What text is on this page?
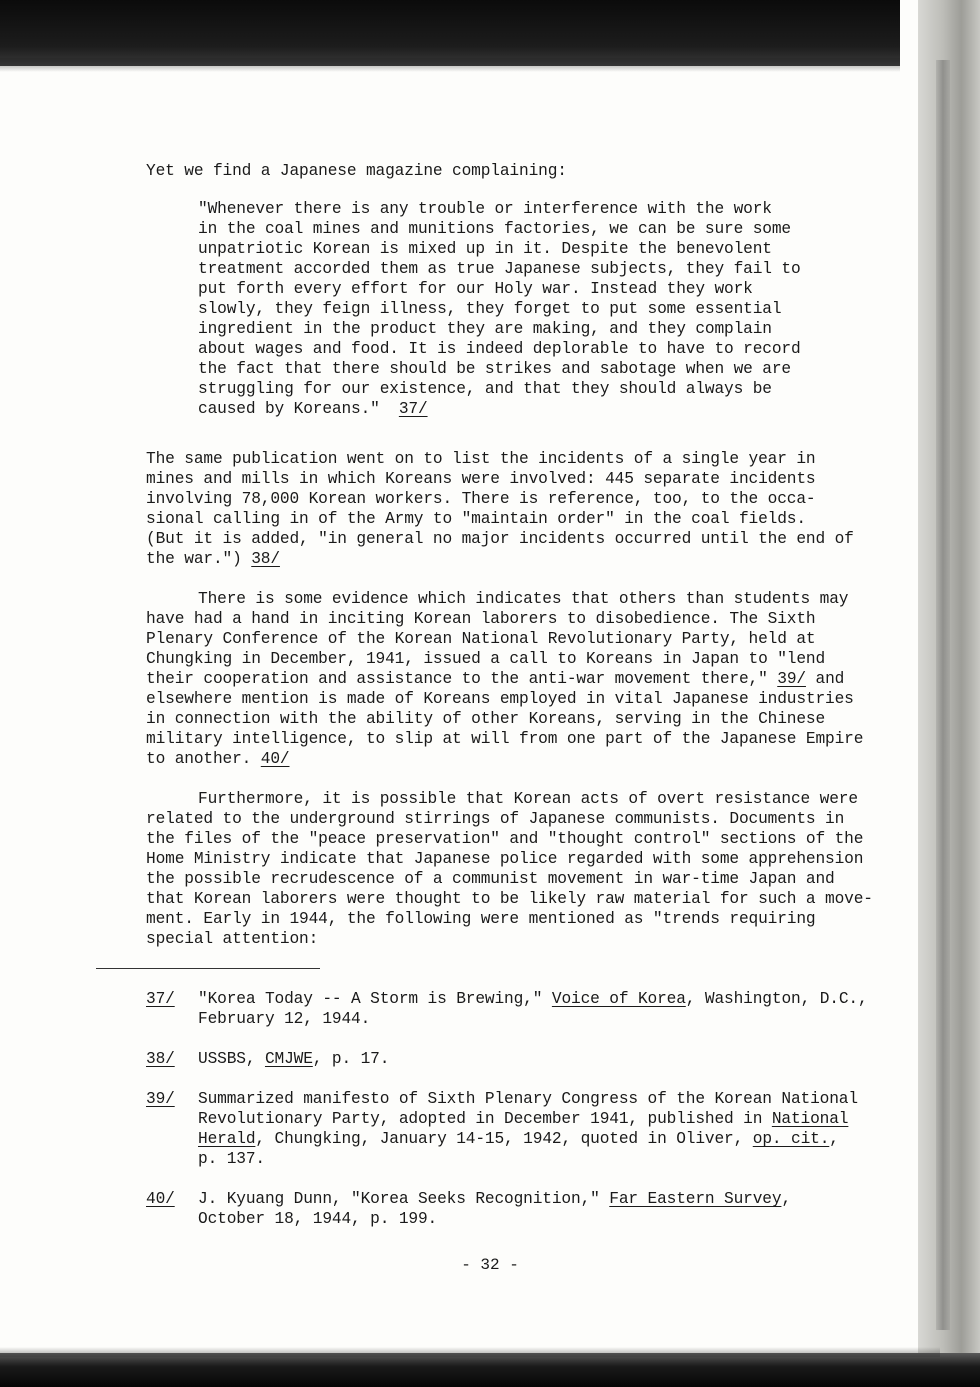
Yet we find a Japanese magazine complaining:
"Whenever there is any trouble or interference with the work
in the coal mines and munitions factories, we can be sure some
unpatriotic Korean is mixed up in it. Despite the benevolent
treatment accorded them as true Japanese subjects, they fail to
put forth every effort for our Holy war. Instead they work
slowly, they feign illness, they forget to put some essential
ingredient in the product they are making, and they complain
about wages and food. It is indeed deplorable to have to record
the fact that there should be strikes and sabotage when we are
struggling for our existence, and that they should always be
caused by Koreans." 37/
The same publication went on to list the incidents of a single year in
mines and mills in which Koreans were involved: 445 separate incidents
involving 78,000 Korean workers. There is reference, too, to the occa-
sional calling in of the Army to "maintain order" in the coal fields.
(But it is added, "in general no major incidents occurred until the end of
the war.") 38/
There is some evidence which indicates that others than students may
have had a hand in inciting Korean laborers to disobedience. The Sixth
Plenary Conference of the Korean National Revolutionary Party, held at
Chungking in December, 1941, issued a call to Koreans in Japan to "lend
their cooperation and assistance to the anti-war movement there," 39/ and
elsewhere mention is made of Koreans employed in vital Japanese industries
in connection with the ability of other Koreans, serving in the Chinese
military intelligence, to slip at will from one part of the Japanese Empire
to another. 40/
Furthermore, it is possible that Korean acts of overt resistance were
related to the underground stirrings of Japanese communists. Documents in
the files of the "peace preservation" and "thought control" sections of the
Home Ministry indicate that Japanese police regarded with some apprehension
the possible recrudescence of a communist movement in war-time Japan and
that Korean laborers were thought to be likely raw material for such a move-
ment. Early in 1944, the following were mentioned as "trends requiring
special attention:
37/ "Korea Today -- A Storm is Brewing," Voice of Korea, Washington, D.C.,
February 12, 1944.
38/ USSBS, CMJWE, p. 17.
39/ Summarized manifesto of Sixth Plenary Congress of the Korean National
Revolutionary Party, adopted in December 1941, published in National
Herald, Chungking, January 14-15, 1942, quoted in Oliver, op. cit.,
p. 137.
40/ J. Kyuang Dunn, "Korea Seeks Recognition," Far Eastern Survey,
October 18, 1944, p. 199.
- 32 -
